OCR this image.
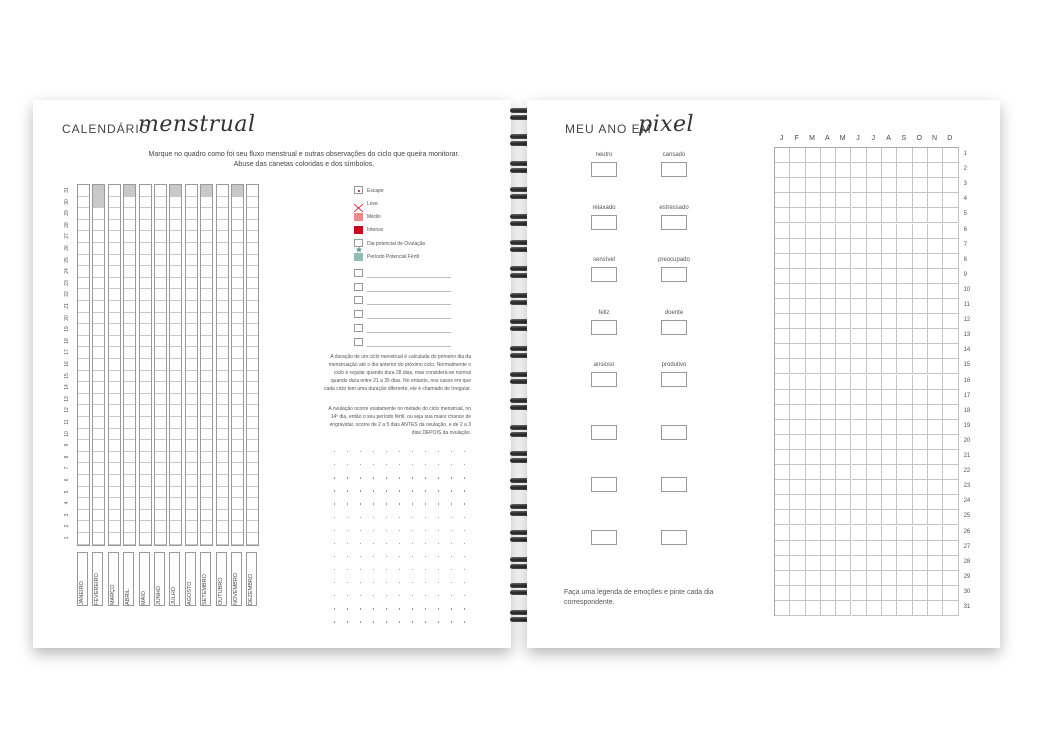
CALENDÁRIO
menstrual
Marque no quadro como foi seu fluxo menstrual e outras observações do ciclo que queira monitorar.
Abuse das canetas coloridas e dos símbolos.
31
30
29
28
27
26
25
24
23
22
21
20
19
18
17
16
15
14
13
12
11
10
9
8
7
6
5
4
3
2
1
JANEIRO FEVEREIRO MARÇO ABRIL MAIO JUNHO JULHO AGOSTO SETEMBRO OUTUBRO NOVEMBRO DEZEMBRO
Escape
Leve
Médio
Intenso
Dia potencial de Ovulação
Período Potencial Fértil
A duração de um ciclo menstrual é calculada do primeiro dia da menstruação até o dia anterior do próximo ciclo. Normalmente o ciclo é regular quando dura 28 dias, mas considera-se normal quando dura entre 21 a 35 dias. No entanto, nos casos em que cada ciclo tem uma duração diferente, ele é chamado de Irregular.
A ovulação ocorre exatamente no metade do ciclo menstrual, no 14º dia, então o seu período fértil, ou seja sua maior chance de engravidar, ocorre de 2 a 5 dias ANTES da ovulação, e de 2 a 3 dias DEPOIS da ovulação.
MEU ANO EM
pixel
neutro	cansado
relaxado	estressado
sensível	preocupado
feliz	doente
ansioso	produtivo
J	F	M	A	M	J	J	A	S	O	N	D
1
2
3
4
5
6
7
8
9
10
11
12
13
14
15
16
17
18
19
20
21
22
23
24
25
26
27
28
29
30
31
Faça uma legenda de emoções e pinte cada dia correspondente.
